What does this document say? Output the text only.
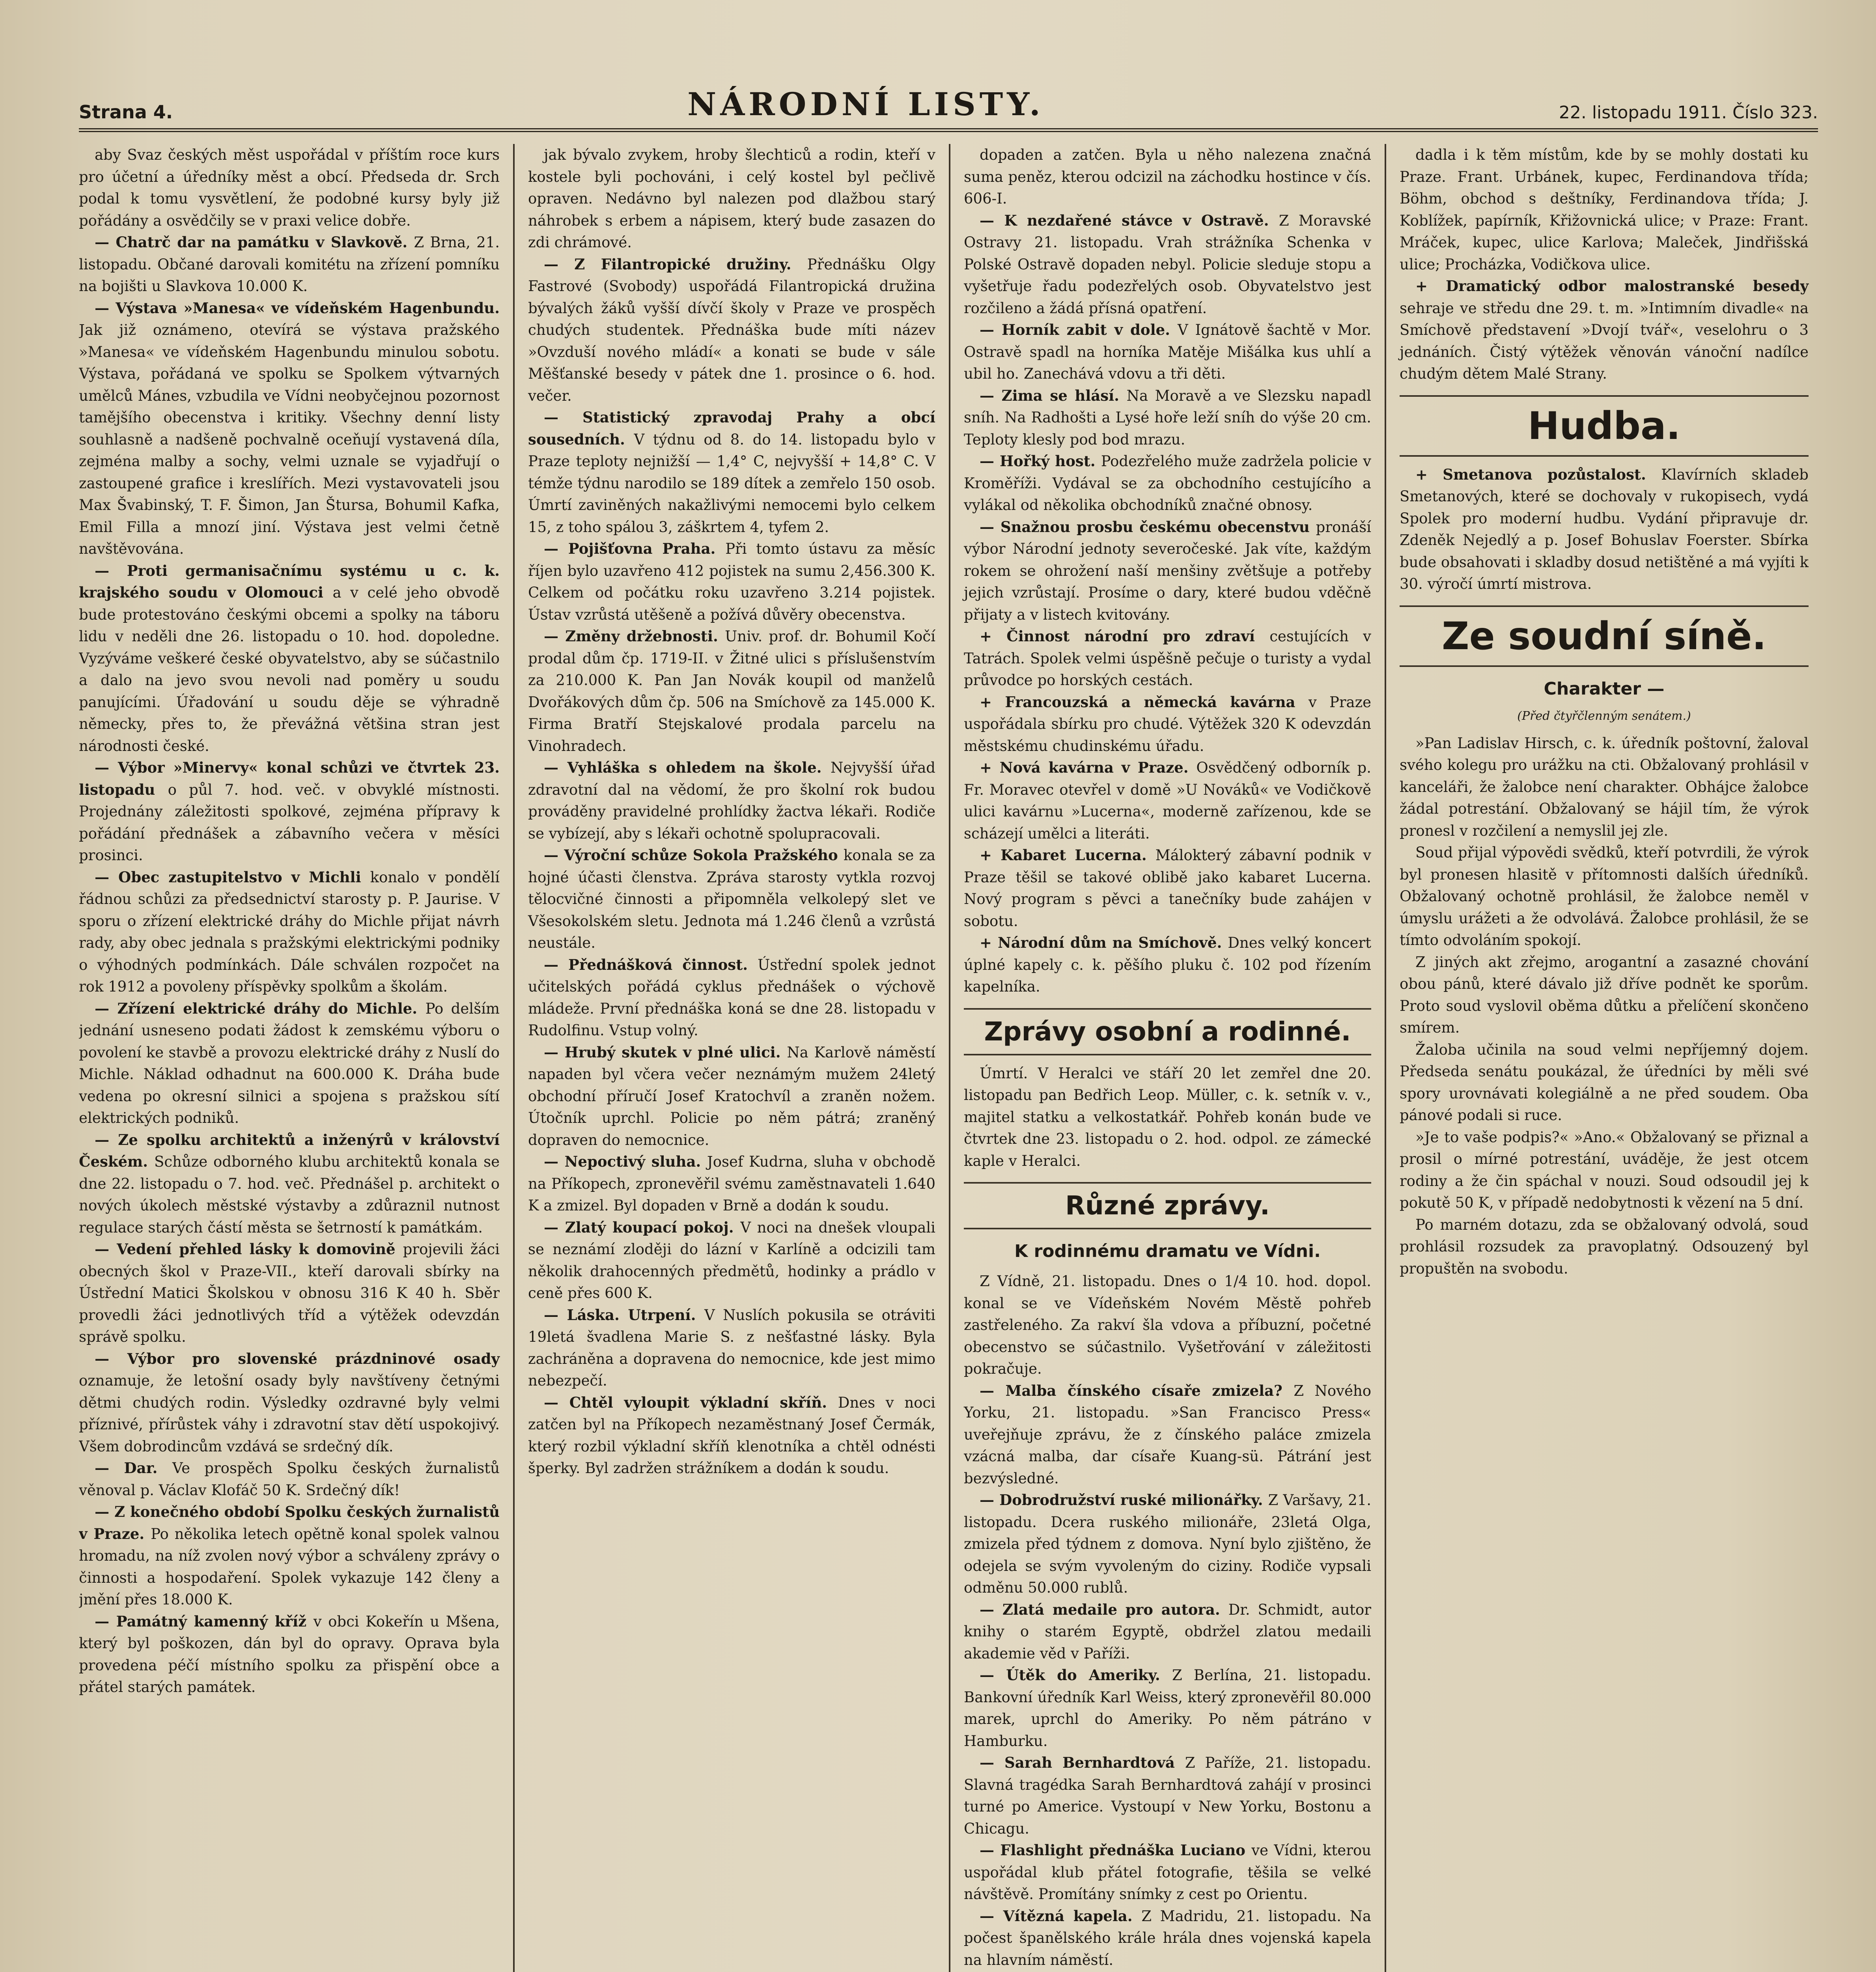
Strana 4.	NÁRODNÍ LISTY.	22. listopadu 1911. Číslo 323.

aby Svaz českých měst uspořádal v příštím roce kurs pro účetní a úředníky měst a obcí. Předseda dr. Srch podal k tomu vysvětlení, že podobné kursy byly již pořádány a osvědčily se v praxi velice dobře.

— Chatrč dar na památku v Slavkově. Z Brna, 21. listopadu. Občané darovali komitétu na zřízení pomníku na bojišti u Slavkova 10.000 K.

— Výstava »Manesa« ve vídeňském Hagenbundu. Jak již oznámeno, otevírá se výstava pražského »Manesa« ve vídeňském Hagenbundu minulou sobotu. Výstava, pořádaná ve spolku se Spolkem výtvarných umělců Mánes, vzbudila ve Vídni neobyčejnou pozornost tamějšího obecenstva i kritiky. Všechny denní listy souhlasně a nadšeně pochvalně oceňují vystavená díla, zejména malby a sochy, velmi uznale se vyjadřují o zastoupené grafice i kreslířích. Mezi vystavovateli jsou Max Švabinský, T. F. Šimon, Jan Štursa, Bohumil Kafka, Emil Filla a mnozí jiní. Výstava jest velmi četně navštěvována.

— Proti germanisačnímu systému u c. k. krajského soudu v Olomouci a v celé jeho obvodě bude protestováno českými obcemi a spolky na táboru lidu v neděli dne 26. listopadu o 10. hod. dopoledne. Vyzýváme veškeré české obyvatelstvo, aby se súčastnilo a dalo na jevo svou nevoli nad poměry u soudu panujícími. Úřadování u soudu děje se výhradně německy, přes to, že převážná většina stran jest národnosti české.

— Výbor »Minervy« konal schůzi ve čtvrtek 23. listopadu o půl 7. hod. več. v obvyklé místnosti. Projednány záležitosti spolkové, zejména přípravy k pořádání přednášek a zábavního večera v měsíci prosinci.

— Obec zastupitelstvo v Michli konalo v pondělí řádnou schůzi za předsednictví starosty p. P. Jaurise. V sporu o zřízení elektrické dráhy do Michle přijat návrh rady, aby obec jednala s pražskými elektrickými podniky o výhodných podmínkách. Dále schválen rozpočet na rok 1912 a povoleny příspěvky spolkům a školám.

— Zřízení elektrické dráhy do Michle. Po delším jednání usneseno podati žádost k zemskému výboru o povolení ke stavbě a provozu elektrické dráhy z Nuslí do Michle. Náklad odhadnut na 600.000 K. Dráha bude vedena po okresní silnici a spojena s pražskou sítí elektrických podniků.

— Ze spolku architektů a inženýrů v království Českém. Schůze odborného klubu architektů konala se dne 22. listopadu o 7. hod. več. Přednášel p. architekt o nových úkolech městské výstavby a zdůraznil nutnost regulace starých částí města se šetrností k památkám.

— Vedení přehled lásky k domovině projevili žáci obecných škol v Praze-VII., kteří darovali sbírky na Ústřední Matici Školskou v obnosu 316 K 40 h. Sběr provedli žáci jednotlivých tříd a výtěžek odevzdán správě spolku.

— Výbor pro slovenské prázdninové osady oznamuje, že letošní osady byly navštíveny četnými dětmi chudých rodin. Výsledky ozdravné byly velmi příznivé, přírůstek váhy i zdravotní stav dětí uspokojivý. Všem dobrodincům vzdává se srdečný dík.

— Dar. Ve prospěch Spolku českých žurnalistů věnoval p. Václav Klofáč 50 K. Srdečný dík!

— Z konečného období Spolku českých žurnalistů v Praze. Po několika letech opětně konal spolek valnou hromadu, na níž zvolen nový výbor a schváleny zprávy o činnosti a hospodaření. Spolek vykazuje 142 členy a jmění přes 18.000 K.

— Památný kamenný kříž v obci Kokeřín u Mšena, který byl poškozen, dán byl do opravy. Oprava byla provedena péčí místního spolku za přispění obce a přátel starých památek.

jak bývalo zvykem, hroby šlechticů a rodin, kteří v kostele byli pochováni, i celý kostel byl pečlivě opraven. Nedávno byl nalezen pod dlažbou starý náhrobek s erbem a nápisem, který bude zasazen do zdi chrámové.

— Z Filantropické družiny. Přednášku Olgy Fastrové (Svobody) uspořádá Filantropická družina bývalých žáků vyšší dívčí školy v Praze ve prospěch chudých studentek. Přednáška bude míti název »Ovzduší nového mládí« a konati se bude v sále Měšťanské besedy v pátek dne 1. prosince o 6. hod. večer.

— Statistický zpravodaj Prahy a obcí sousedních. V týdnu od 8. do 14. listopadu bylo v Praze teploty nejnižší — 1,4° C, nejvyšší + 14,8° C. V témže týdnu narodilo se 189 dítek a zemřelo 150 osob. Úmrtí zaviněných nakažlivými nemocemi bylo celkem 15, z toho spálou 3, záškrtem 4, tyfem 2.

— Pojišťovna Praha. Při tomto ústavu za měsíc říjen bylo uzavřeno 412 pojistek na sumu 2,456.300 K. Celkem od počátku roku uzavřeno 3.214 pojistek. Ústav vzrůstá utěšeně a požívá důvěry obecenstva.

— Změny držebnosti. Univ. prof. dr. Bohumil Kočí prodal dům čp. 1719-II. v Žitné ulici s příslušenstvím za 210.000 K. Pan Jan Novák koupil od manželů Dvořákových dům čp. 506 na Smíchově za 145.000 K. Firma Bratří Stejskalové prodala parcelu na Vinohradech.

— Vyhláška s ohledem na škole. Nejvyšší úřad zdravotní dal na vědomí, že pro školní rok budou prováděny pravidelné prohlídky žactva lékaři. Rodiče se vybízejí, aby s lékaři ochotně spolupracovali.

— Výroční schůze Sokola Pražského konala se za hojné účasti členstva. Zpráva starosty vytkla rozvoj tělocvičné činnosti a připomněla velkolepý slet ve Všesokolském sletu. Jednota má 1.246 členů a vzrůstá neustále.

— Přednášková činnost. Ústřední spolek jednot učitelských pořádá cyklus přednášek o výchově mládeže. První přednáška koná se dne 28. listopadu v Rudolfinu. Vstup volný.

— Hrubý skutek v plné ulici. Na Karlově náměstí napaden byl včera večer neznámým mužem 24letý obchodní příručí Josef Kratochvíl a zraněn nožem. Útočník uprchl. Policie po něm pátrá; zraněný dopraven do nemocnice.

— Nepoctivý sluha. Josef Kudrna, sluha v obchodě na Příkopech, zpronevěřil svému zaměstnavateli 1.640 K a zmizel. Byl dopaden v Brně a dodán k soudu.

— Zlatý koupací pokoj. V noci na dnešek vloupali se neznámí zloději do lázní v Karlíně a odcizili tam několik drahocenných předmětů, hodinky a prádlo v ceně přes 600 K.

— Láska. Utrpení. V Nuslích pokusila se otráviti 19letá švadlena Marie S. z nešťastné lásky. Byla zachráněna a dopravena do nemocnice, kde jest mimo nebezpečí.

— Chtěl vyloupit výkladní skříň. Dnes v noci zatčen byl na Příkopech nezaměstnaný Josef Čermák, který rozbil výkladní skříň klenotníka a chtěl odnésti šperky. Byl zadržen strážníkem a dodán k soudu.

dopaden a zatčen. Byla u něho nalezena značná suma peněz, kterou odcizil na záchodku hostince v čís. 606-I.

— K nezdařené stávce v Ostravě. Z Moravské Ostravy 21. listopadu. Vrah strážníka Schenka v Polské Ostravě dopaden nebyl. Policie sleduje stopu a vyšetřuje řadu podezřelých osob. Obyvatelstvo jest rozčileno a žádá přísná opatření.

— Horník zabit v dole. V Ignátově šachtě v Mor. Ostravě spadl na horníka Matěje Mišálka kus uhlí a ubil ho. Zanechává vdovu a tři děti.

— Zima se hlásí. Na Moravě a ve Slezsku napadl sníh. Na Radhošti a Lysé hoře leží sníh do výše 20 cm. Teploty klesly pod bod mrazu.

— Hořký host. Podezřelého muže zadržela policie v Kroměříži. Vydával se za obchodního cestujícího a vylákal od několika obchodníků značné obnosy.

— Snažnou prosbu českému obecenstvu pronáší výbor Národní jednoty severočeské. Jak víte, každým rokem se ohrožení naší menšiny zvětšuje a potřeby jejich vzrůstají. Prosíme o dary, které budou vděčně přijaty a v listech kvitovány.

+ Činnost národní pro zdraví cestujících v Tatrách. Spolek velmi úspěšně pečuje o turisty a vydal průvodce po horských cestách.

+ Francouzská a německá kavárna v Praze uspořádala sbírku pro chudé. Výtěžek 320 K odevzdán městskému chudinskému úřadu.

+ Nová kavárna v Praze. Osvědčený odborník p. Fr. Moravec otevřel v domě »U Nováků« ve Vodičkově ulici kavárnu »Lucerna«, moderně zařízenou, kde se scházejí umělci a literáti.

+ Kabaret Lucerna. Málokterý zábavní podnik v Praze těšil se takové oblibě jako kabaret Lucerna. Nový program s pěvci a tanečníky bude zahájen v sobotu.

+ Národní dům na Smíchově. Dnes velký koncert úplné kapely c. k. pěšího pluku č. 102 pod řízením kapelníka.

Zprávy osobní a rodinné.

Úmrtí. V Heralci ve stáří 20 let zemřel dne 20. listopadu pan Bedřich Leop. Müller, c. k. setník v. v., majitel statku a velkostatkář. Pohřeb konán bude ve čtvrtek dne 23. listopadu o 2. hod. odpol. ze zámecké kaple v Heralci.

Různé zprávy.
K rodinnému dramatu ve Vídni.

Z Vídně, 21. listopadu. Dnes o 1/4 10. hod. dopol. konal se ve Vídeňském Novém Městě pohřeb zastřeleného. Za rakví šla vdova a příbuzní, početné obecenstvo se súčastnilo. Vyšetřování v záležitosti pokračuje.

— Malba čínského císaře zmizela? Z Nového Yorku, 21. listopadu. »San Francisco Press« uveřejňuje zprávu, že z čínského paláce zmizela vzácná malba, dar císaře Kuang-sü. Pátrání jest bezvýsledné.

— Dobrodružství ruské milionářky. Z Varšavy, 21. listopadu. Dcera ruského milionáře, 23letá Olga, zmizela před týdnem z domova. Nyní bylo zjištěno, že odejela se svým vyvoleným do ciziny. Rodiče vypsali odměnu 50.000 rublů.

— Zlatá medaile pro autora. Dr. Schmidt, autor knihy o starém Egyptě, obdržel zlatou medaili akademie věd v Paříži.

— Útěk do Ameriky. Z Berlína, 21. listopadu. Bankovní úředník Karl Weiss, který zpronevěřil 80.000 marek, uprchl do Ameriky. Po něm pátráno v Hamburku.

— Sarah Bernhardtová Z Paříže, 21. listopadu. Slavná tragédka Sarah Bernhardtová zahájí v prosinci turné po Americe. Vystoupí v New Yorku, Bostonu a Chicagu.

— Flashlight přednáška Luciano ve Vídni, kterou uspořádal klub přátel fotografie, těšila se velké návštěvě. Promítány snímky z cest po Orientu.

— Vítězná kapela. Z Madridu, 21. listopadu. Na počest španělského krále hrála dnes vojenská kapela na hlavním náměstí.

dadla i k těm místům, kde by se mohly dostati ku Praze. Frant. Urbánek, kupec, Ferdinandova třída; Böhm, obchod s deštníky, Ferdinandova třída; J. Koblížek, papírník, Křižovnická ulice; v Praze: Frant. Mráček, kupec, ulice Karlova; Maleček, Jindřišská ulice; Procházka, Vodičkova ulice.

+ Dramatický odbor malostranské besedy sehraje ve středu dne 29. t. m. »Intimním divadle« na Smíchově představení »Dvojí tvář«, veselohru o 3 jednáních. Čistý výtěžek věnován vánoční nadílce chudým dětem Malé Strany.

Hudba.

+ Smetanova pozůstalost. Klavírních skladeb Smetanových, které se dochovaly v rukopisech, vydá Spolek pro moderní hudbu. Vydání připravuje dr. Zdeněk Nejedlý a p. Josef Bohuslav Foerster. Sbírka bude obsahovati i skladby dosud netištěné a má vyjíti k 30. výročí úmrtí mistrova.

Ze soudní síně.
Charakter —
(Před čtyřčlenným senátem.)

»Pan Ladislav Hirsch, c. k. úředník poštovní, žaloval svého kolegu pro urážku na cti. Obžalovaný prohlásil v kanceláři, že žalobce není charakter. Obhájce žalobce žádal potrestání. Obžalovaný se hájil tím, že výrok pronesl v rozčilení a nemyslil jej zle.

Soud přijal výpovědi svědků, kteří potvrdili, že výrok byl pronesen hlasitě v přítomnosti dalších úředníků. Obžalovaný ochotně prohlásil, že žalobce neměl v úmyslu urážeti a že odvolává. Žalobce prohlásil, že se tímto odvoláním spokojí.

Z jiných akt zřejmo, arogantní a zasazné chování obou pánů, které dávalo již dříve podnět ke sporům. Proto soud vyslovil oběma důtku a přelíčení skončeno smírem.

Žaloba učinila na soud velmi nepříjemný dojem. Předseda senátu poukázal, že úředníci by měli své spory urovnávati kolegiálně a ne před soudem. Oba pánové podali si ruce.

»Je to vaše podpis?« »Ano.« Obžalovaný se přiznal a prosil o mírné potrestání, uváděje, že jest otcem rodiny a že čin spáchal v nouzi. Soud odsoudil jej k pokutě 50 K, v případě nedobytnosti k vězení na 5 dní.

Po marném dotazu, zda se obžalovaný odvolá, soud prohlásil rozsudek za pravoplatný. Odsouzený byl propuštěn na svobodu.
